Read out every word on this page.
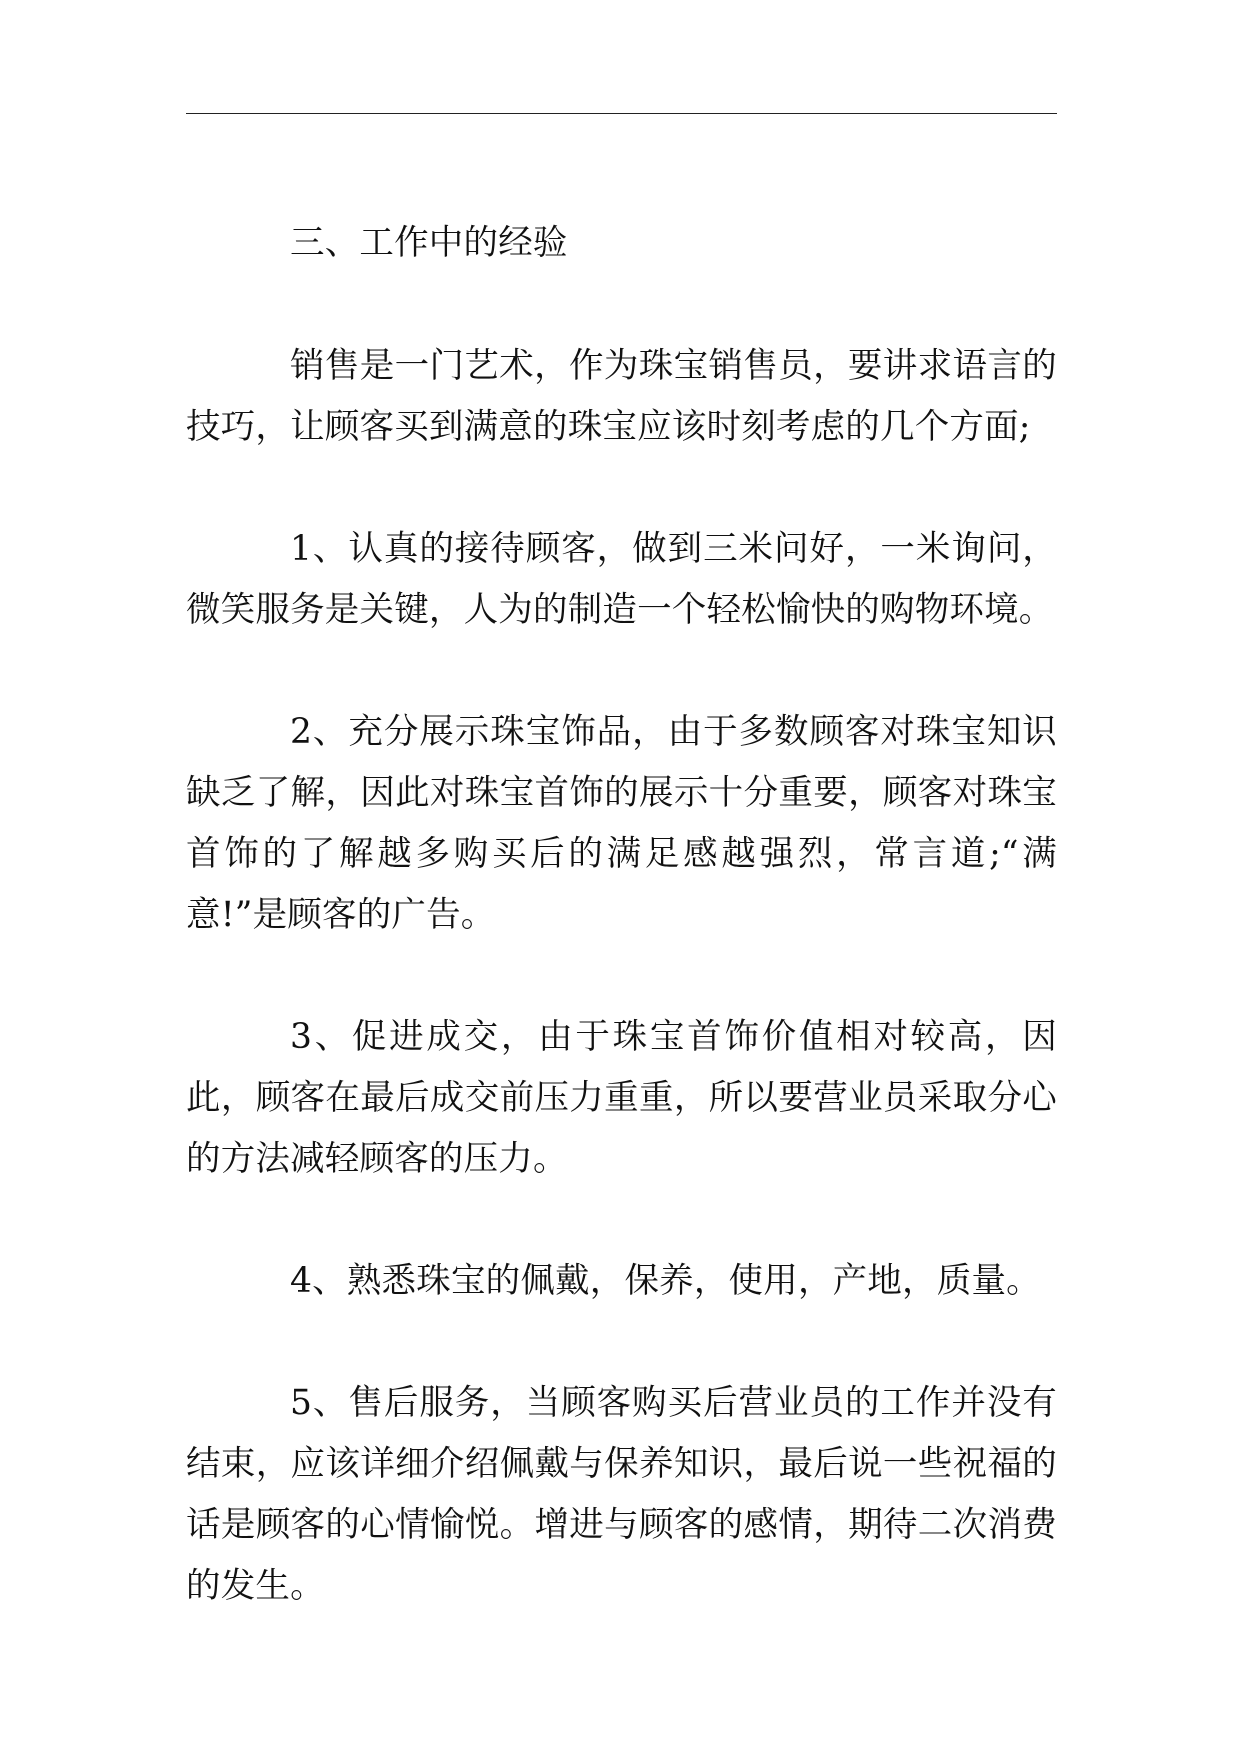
三、工作中的经验

销售是一门艺术，作为珠宝销售员，要讲求语言的技巧，让顾客买到满意的珠宝应该时刻考虑的几个方面;

1、认真的接待顾客，做到三米问好，一米询问，微笑服务是关键，人为的制造一个轻松愉快的购物环境。

2、充分展示珠宝饰品，由于多数顾客对珠宝知识缺乏了解，因此对珠宝首饰的展示十分重要，顾客对珠宝首饰的了解越多购买后的满足感越强烈，常言道;“满意!”是顾客的广告。

3、促进成交，由于珠宝首饰价值相对较高，因此，顾客在最后成交前压力重重，所以要营业员采取分心的方法减轻顾客的压力。

4、熟悉珠宝的佩戴，保养，使用，产地，质量。

5、售后服务，当顾客购买后营业员的工作并没有结束，应该详细介绍佩戴与保养知识，最后说一些祝福的话是顾客的心情愉悦。增进与顾客的感情，期待二次消费的发生。
